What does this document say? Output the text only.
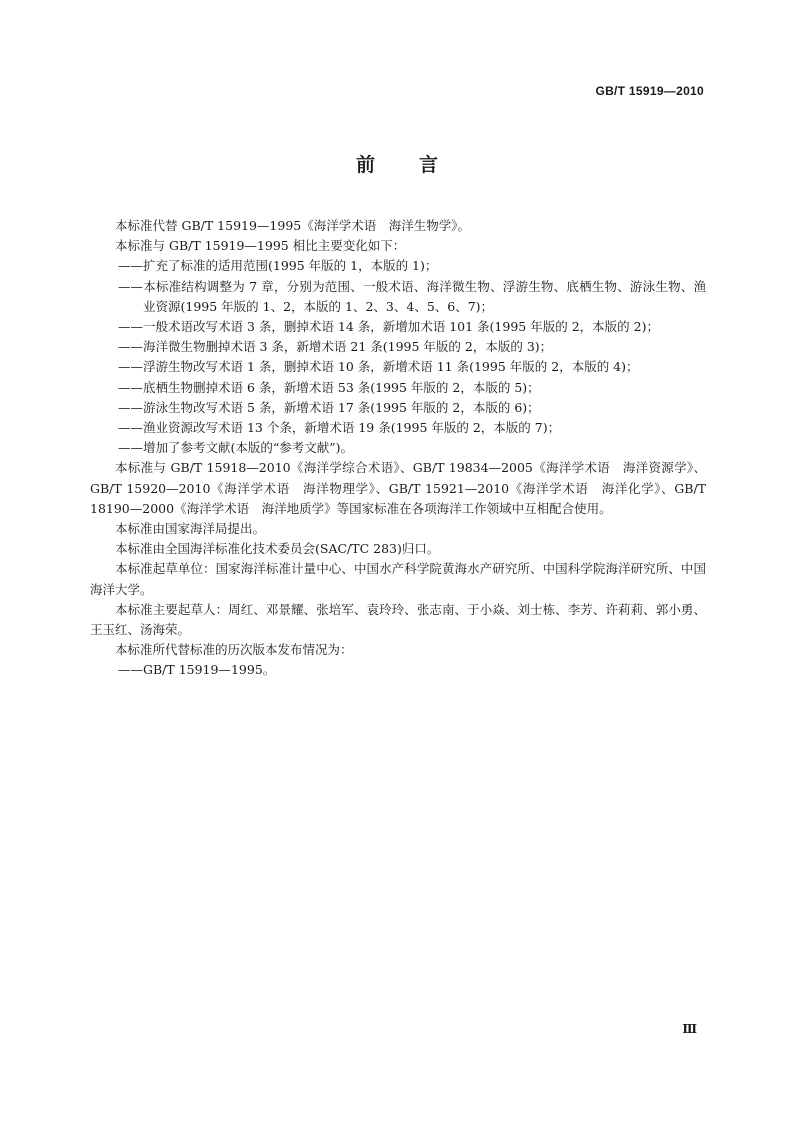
GB/T 15919—2010
前言

本标准代替 GB/T 15919—1995《海洋学术语　海洋生物学》。

本标准与 GB/T 15919—1995 相比主要变化如下：

——扩充了标准的适用范围(1995 年版的 1，本版的 1)；

——本标准结构调整为 7 章，分别为范围、一般术语、海洋微生物、浮游生物、底栖生物、游泳生物、渔业资源(1995 年版的 1、2，本版的 1、2、3、4、5、6、7)；

——一般术语改写术语 3 条，删掉术语 14 条，新增加术语 101 条(1995 年版的 2，本版的 2)；

——海洋微生物删掉术语 3 条，新增术语 21 条(1995 年版的 2，本版的 3)；

——浮游生物改写术语 1 条，删掉术语 10 条，新增术语 11 条(1995 年版的 2，本版的 4)；

——底栖生物删掉术语 6 条，新增术语 53 条(1995 年版的 2，本版的 5)；

——游泳生物改写术语 5 条，新增术语 17 条(1995 年版的 2，本版的 6)；

——渔业资源改写术语 13 个条，新增术语 19 条(1995 年版的 2，本版的 7)；

——增加了参考文献(本版的“参考文献”)。

本标准与 GB/T 15918—2010《海洋学综合术语》、GB/T 19834—2005《海洋学术语　海洋资源学》、GB/T 15920—2010《海洋学术语　海洋物理学》、GB/T 15921—2010《海洋学术语　海洋化学》、GB/T 18190—2000《海洋学术语　海洋地质学》等国家标准在各项海洋工作领域中互相配合使用。

本标准由国家海洋局提出。

本标准由全国海洋标准化技术委员会(SAC/TC 283)归口。

本标准起草单位：国家海洋标准计量中心、中国水产科学院黄海水产研究所、中国科学院海洋研究所、中国海洋大学。

本标准主要起草人：周红、邓景耀、张培军、袁玲玲、张志南、于小焱、刘士栋、李芳、许莉莉、郭小勇、王玉红、汤海荣。

本标准所代替标准的历次版本发布情况为：

——GB/T 15919—1995。

Ⅲ
